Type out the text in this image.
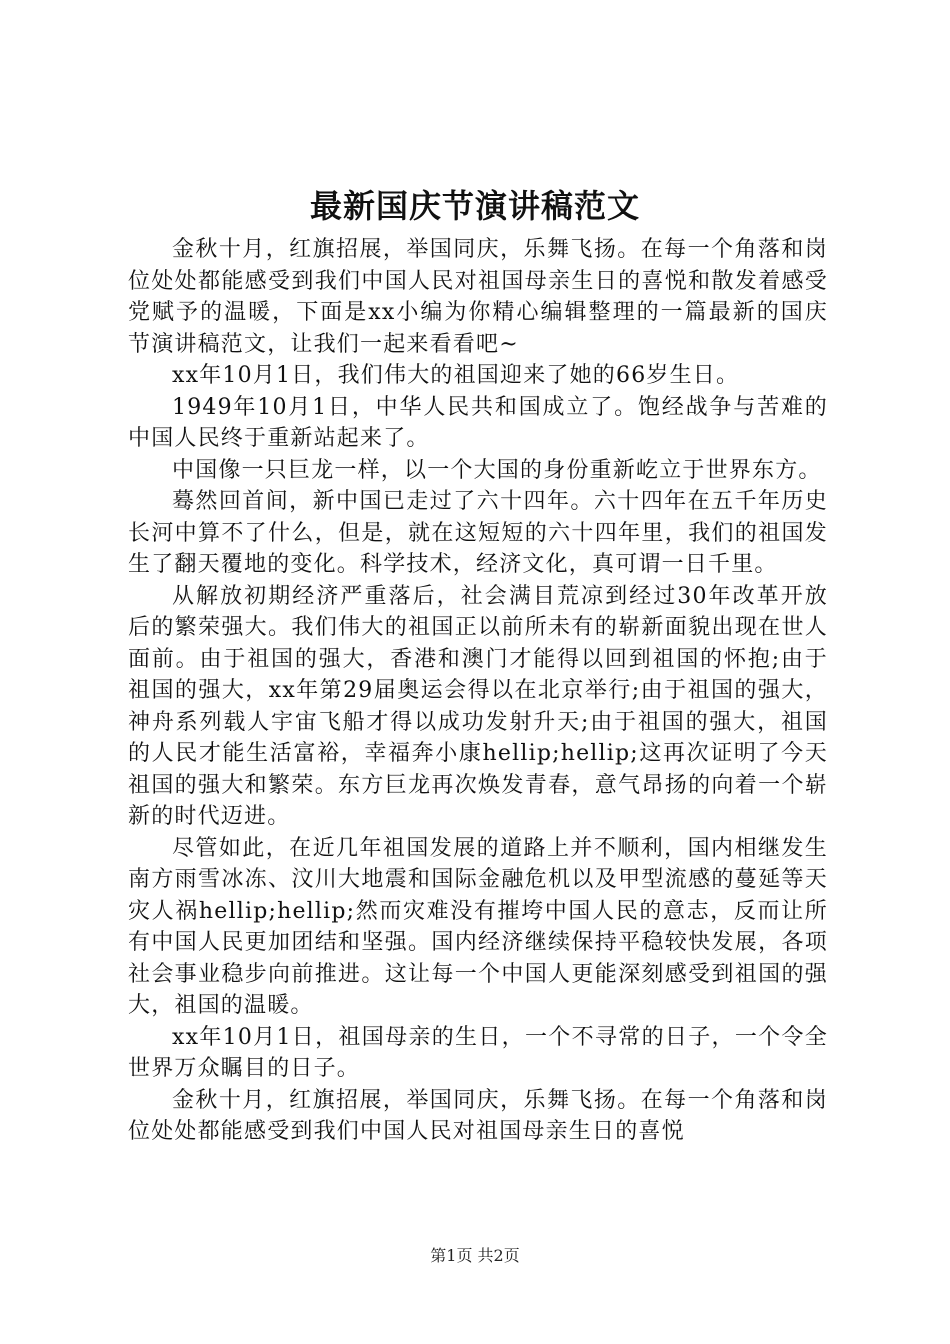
最新国庆节演讲稿范文

金秋十月，红旗招展，举国同庆，乐舞飞扬。在每一个角落和岗位处处都能感受到我们中国人民对祖国母亲生日的喜悦和散发着感受党赋予的温暖，下面是xx小编为你精心编辑整理的一篇最新的国庆节演讲稿范文，让我们一起来看看吧~

xx年10月1日，我们伟大的祖国迎来了她的66岁生日。

1949年10月1日，中华人民共和国成立了。饱经战争与苦难的中国人民终于重新站起来了。

中国像一只巨龙一样，以一个大国的身份重新屹立于世界东方。

蓦然回首间，新中国已走过了六十四年。六十四年在五千年历史长河中算不了什么，但是，就在这短短的六十四年里，我们的祖国发生了翻天覆地的变化。科学技术，经济文化，真可谓一日千里。

从解放初期经济严重落后，社会满目荒凉到经过30年改革开放后的繁荣强大。我们伟大的祖国正以前所未有的崭新面貌出现在世人面前。由于祖国的强大，香港和澳门才能得以回到祖国的怀抱;由于祖国的强大，xx年第29届奥运会得以在北京举行;由于祖国的强大，神舟系列载人宇宙飞船才得以成功发射升天;由于祖国的强大，祖国的人民才能生活富裕，幸福奔小康hellip;hellip;这再次证明了今天祖国的强大和繁荣。东方巨龙再次焕发青春，意气昂扬的向着一个崭新的时代迈进。

尽管如此，在近几年祖国发展的道路上并不顺利，国内相继发生南方雨雪冰冻、汶川大地震和国际金融危机以及甲型流感的蔓延等天灾人祸hellip;hellip;然而灾难没有摧垮中国人民的意志，反而让所有中国人民更加团结和坚强。国内经济继续保持平稳较快发展，各项社会事业稳步向前推进。这让每一个中国人更能深刻感受到祖国的强大，祖国的温暖。

xx年10月1日，祖国母亲的生日，一个不寻常的日子，一个令全世界万众瞩目的日子。

金秋十月，红旗招展，举国同庆，乐舞飞扬。在每一个角落和岗位处处都能感受到我们中国人民对祖国母亲生日的喜悦

第1页 共2页
